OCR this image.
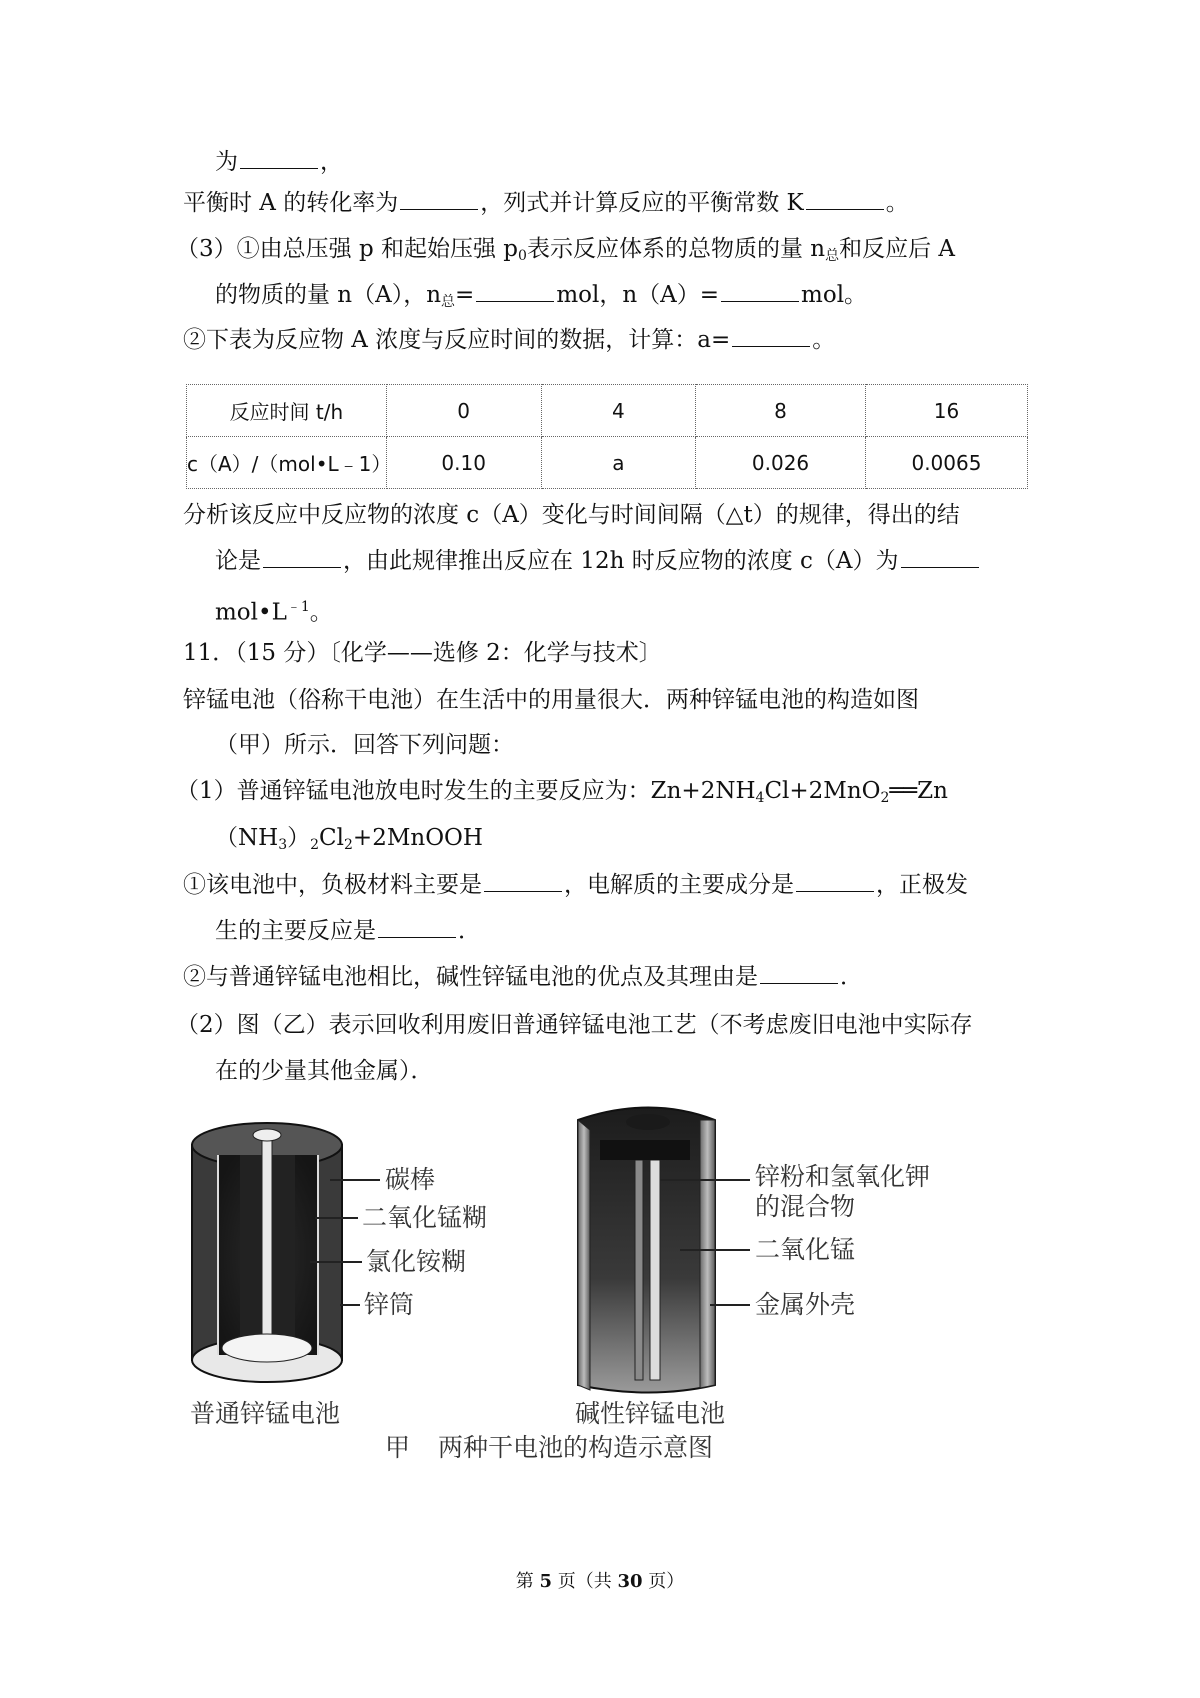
为	，
平衡时 A 的转化率为	，列式并计算反应的平衡常数 K	。
（3）①由总压强 p 和起始压强 $p_0$表示反应体系的总物质的量 $n_总$和反应后 A
的物质的量 n（A），$n_总=$	mol，n（A）=	mol。
②下表为反应物 A 浓度与反应时间的数据，计算：a=	。
反应时间 t/h	0	4	8	16
c（A）/（mol•L﹣1）	0.10	a	0.026	0.0065
分析该反应中反应物的浓度 c（A）变化与时间间隔（△t）的规律，得出的结
论是	，由此规律推出反应在 12h 时反应物的浓度 c（A）为
$mol•L^{﹣1}$。
11．（15 分）〔化学——选修 2：化学与技术〕
锌锰电池（俗称干电池）在生活中的用量很大．两种锌锰电池的构造如图
（甲）所示．回答下列问题：
（1）普通锌锰电池放电时发生的主要反应为：$Zn+2NH_4Cl+2MnO_2══Zn$
$(NH_3)_2Cl_2+2MnOOH$
①该电池中，负极材料主要是	，电解质的主要成分是	，正极发
生的主要反应是	．
②与普通锌锰电池相比，碱性锌锰电池的优点及其理由是	．
（2）图（乙）表示回收利用废旧普通锌锰电池工艺（不考虑废旧电池中实际存
在的少量其他金属）．
碳棒
二氧化锰糊
氯化铵糊
锌筒
普通锌锰电池
锌粉和氢氧化钾
的混合物
二氧化锰
金属外壳
碱性锌锰电池
甲 两种干电池的构造示意图
第 5 页（共 30 页）
